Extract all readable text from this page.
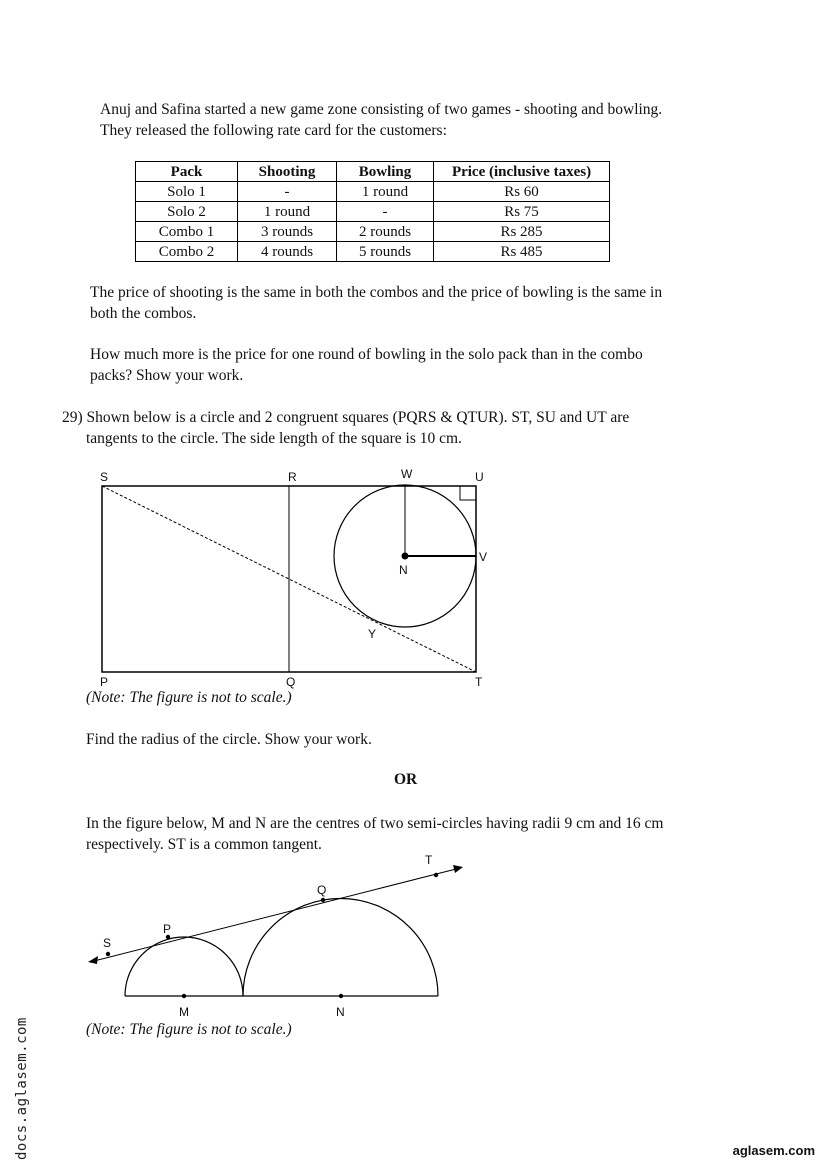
Anuj and Safina started a new game zone consisting of two games - shooting and bowling.
They released the following rate card for the customers:
Pack	Shooting	Bowling	Price (inclusive taxes)
Solo 1	-	1 round	Rs 60
Solo 2	1 round	-	Rs 75
Combo 1	3 rounds	2 rounds	Rs 285
Combo 2	4 rounds	5 rounds	Rs 485
The price of shooting is the same in both the combos and the price of bowling is the same in
both the combos.
How much more is the price for one round of bowling in the solo pack than in the combo
packs? Show your work.
29) Shown below is a circle and 2 congruent squares (PQRS & QTUR). ST, SU and UT are
tangents to the circle. The side length of the square is 10 cm.
S	R	W	U
V
N
Y
P	Q	T
(Note: The figure is not to scale.)
Find the radius of the circle. Show your work.
OR
In the figure below, M and N are the centres of two semi-circles having radii 9 cm and 16 cm
respectively. ST is a common tangent.
T
Q
P
S
M	N
(Note: The figure is not to scale.)
docs.aglasem.com	aglasem.com
